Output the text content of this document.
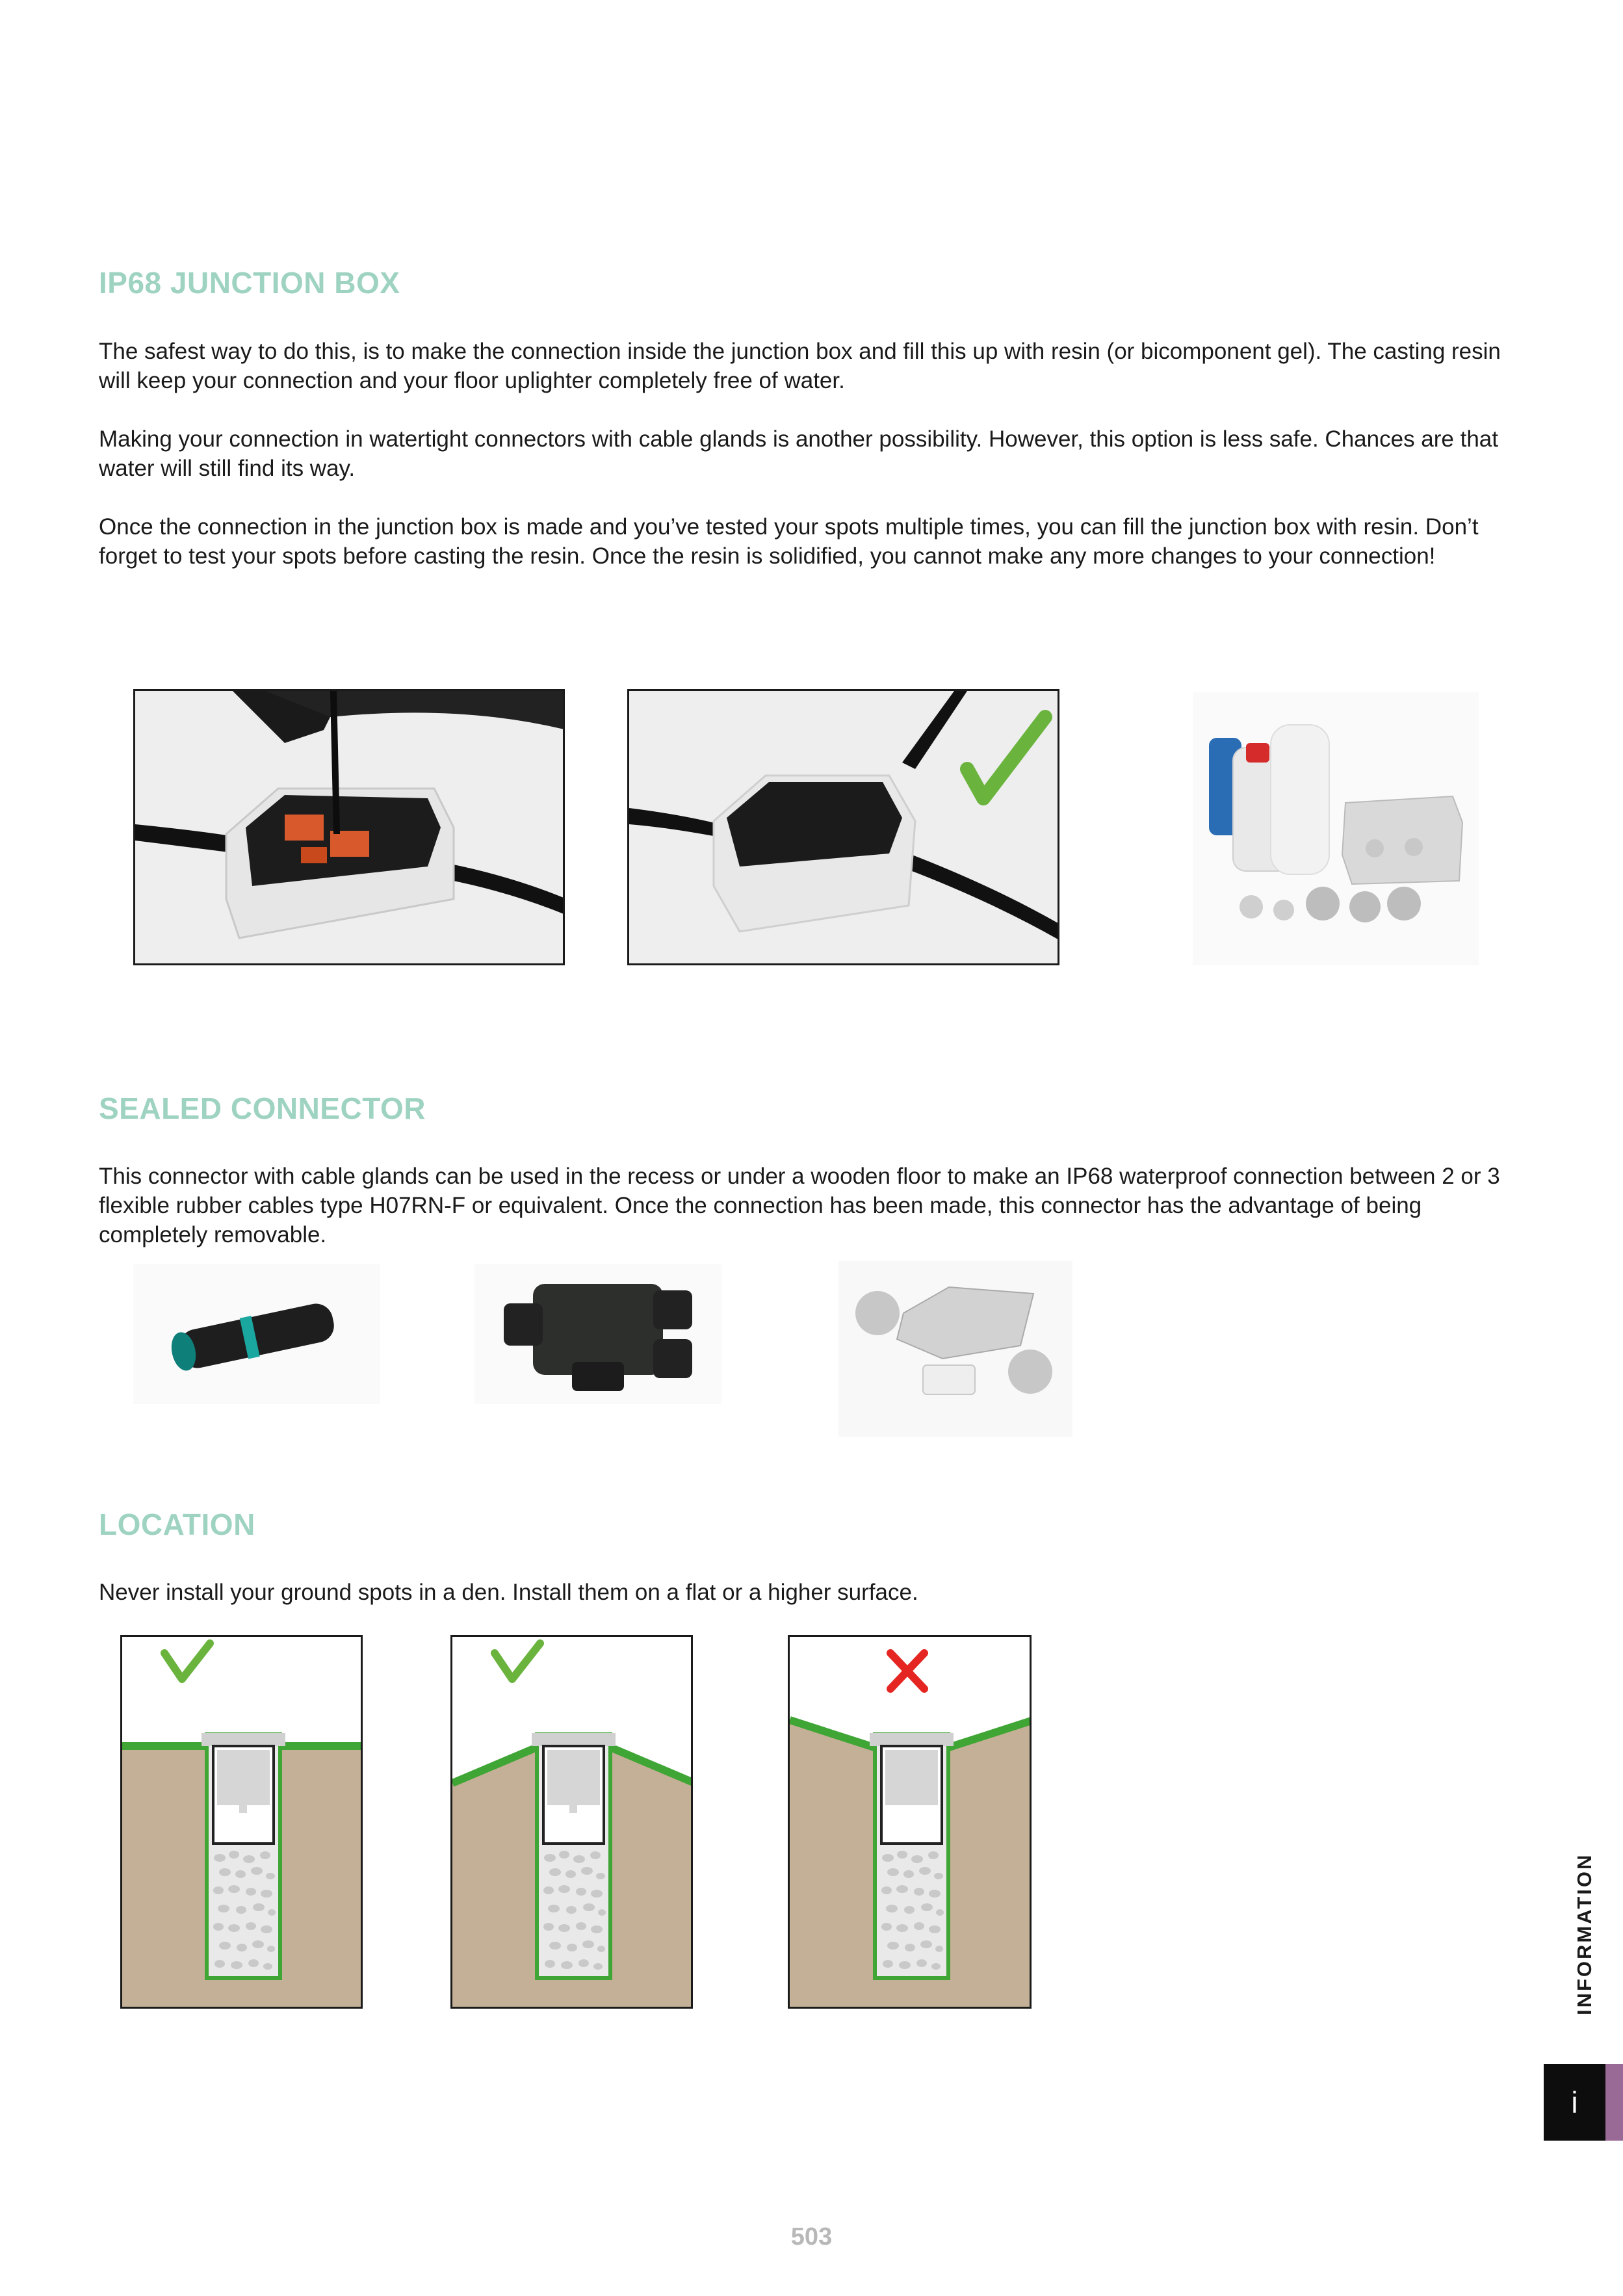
IP68 JUNCTION BOX

The safest way to do this, is to make the connection inside the junction box and fill this up with resin (or bicomponent gel). The casting resin will keep your connection and your floor uplighter completely free of water.

Making your connection in watertight connectors with cable glands is another possibility. However, this option is less safe. Chances are that water will still find its way.

Once the connection in the junction box is made and you’ve tested your spots multiple times, you can fill the junction box with resin. Don’t forget to test your spots before casting the resin. Once the resin is solidified, you cannot make any more changes to your connection!

SEALED CONNECTOR

This connector with cable glands can be used in the recess or under a wooden floor to make an IP68 waterproof connection between 2 or 3 flexible rubber cables type H07RN-F or equivalent. Once the connection has been made, this connector has the advantage of being completely removable.

LOCATION

Never install your ground spots in a den. Install them on a flat or a higher surface.

INFORMATION
i
503
